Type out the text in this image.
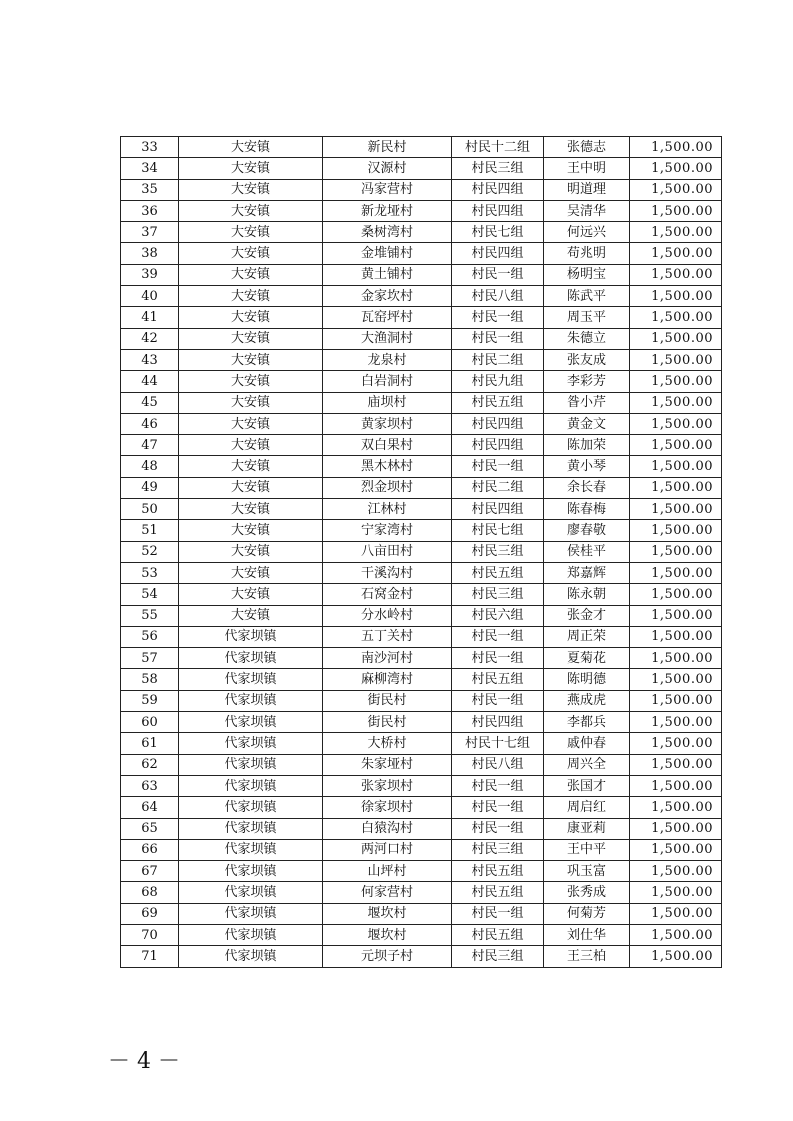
33	大安镇	新民村	村民十二组	张德志	1,500.00
34	大安镇	汉源村	村民三组	王中明	1,500.00
35	大安镇	冯家营村	村民四组	明道理	1,500.00
36	大安镇	新龙垭村	村民四组	吴清华	1,500.00
37	大安镇	桑树湾村	村民七组	何远兴	1,500.00
38	大安镇	金堆铺村	村民四组	苟兆明	1,500.00
39	大安镇	黄土铺村	村民一组	杨明宝	1,500.00
40	大安镇	金家坎村	村民八组	陈武平	1,500.00
41	大安镇	瓦窑坪村	村民一组	周玉平	1,500.00
42	大安镇	大渔洞村	村民一组	朱德立	1,500.00
43	大安镇	龙泉村	村民二组	张友成	1,500.00
44	大安镇	白岩洞村	村民九组	李彩芳	1,500.00
45	大安镇	庙坝村	村民五组	昝小芹	1,500.00
46	大安镇	黄家坝村	村民四组	黄金文	1,500.00
47	大安镇	双白果村	村民四组	陈加荣	1,500.00
48	大安镇	黑木林村	村民一组	黄小琴	1,500.00
49	大安镇	烈金坝村	村民二组	余长春	1,500.00
50	大安镇	江林村	村民四组	陈春梅	1,500.00
51	大安镇	宁家湾村	村民七组	廖春敬	1,500.00
52	大安镇	八亩田村	村民三组	侯桂平	1,500.00
53	大安镇	干溪沟村	村民五组	郑嘉辉	1,500.00
54	大安镇	石窝金村	村民三组	陈永朝	1,500.00
55	大安镇	分水岭村	村民六组	张金才	1,500.00
56	代家坝镇	五丁关村	村民一组	周正荣	1,500.00
57	代家坝镇	南沙河村	村民一组	夏菊花	1,500.00
58	代家坝镇	麻柳湾村	村民五组	陈明德	1,500.00
59	代家坝镇	街民村	村民一组	燕成虎	1,500.00
60	代家坝镇	街民村	村民四组	李都兵	1,500.00
61	代家坝镇	大桥村	村民十七组	戚仲春	1,500.00
62	代家坝镇	朱家垭村	村民八组	周兴全	1,500.00
63	代家坝镇	张家坝村	村民一组	张国才	1,500.00
64	代家坝镇	徐家坝村	村民一组	周启红	1,500.00
65	代家坝镇	白猿沟村	村民一组	康亚莉	1,500.00
66	代家坝镇	两河口村	村民三组	王中平	1,500.00
67	代家坝镇	山坪村	村民五组	巩玉富	1,500.00
68	代家坝镇	何家营村	村民五组	张秀成	1,500.00
69	代家坝镇	堰坎村	村民一组	何菊芳	1,500.00
70	代家坝镇	堰坎村	村民五组	刘仕华	1,500.00
71	代家坝镇	元坝子村	村民三组	王三柏	1,500.00
－ 4 －
